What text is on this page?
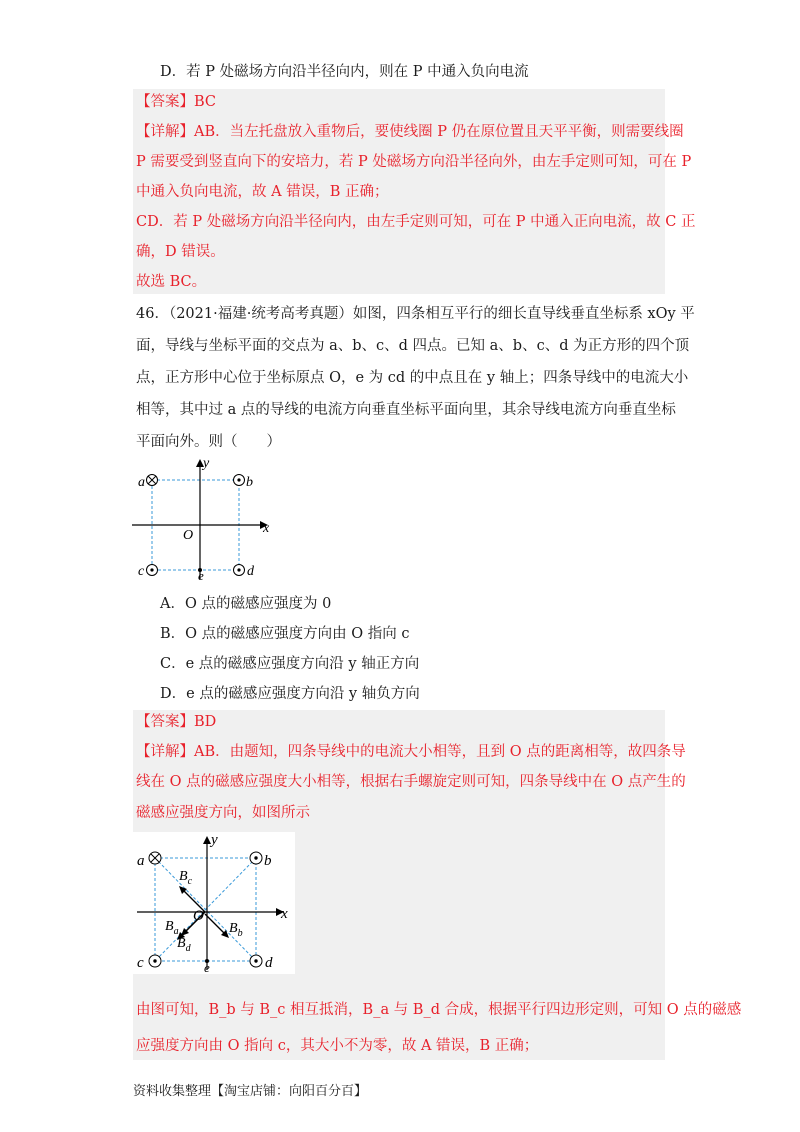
D．若 P 处磁场方向沿半径向内，则在 P 中通入负向电流
【答案】BC
【详解】AB．当左托盘放入重物后，要使线圈 P 仍在原位置且天平平衡，则需要线圈
P 需要受到竖直向下的安培力，若 P 处磁场方向沿半径向外，由左手定则可知，可在 P
中通入负向电流，故 A 错误，B 正确；
CD．若 P 处磁场方向沿半径向内，由左手定则可知，可在 P 中通入正向电流，故 C 正
确，D 错误。
故选 BC。
46．（2021·福建·统考高考真题）如图，四条相互平行的细长直导线垂直坐标系 xOy 平
面，导线与坐标平面的交点为 a、b、c、d 四点。已知 a、b、c、d 为正方形的四个顶
点，正方形中心位于坐标原点 O，e 为 cd 的中点且在 y 轴上；四条导线中的电流大小
相等，其中过 a 点的导线的电流方向垂直坐标平面向里，其余导线电流方向垂直坐标
平面向外。则（　　）
a	b
c	d
e
O	x
y
A．O 点的磁感应强度为 0
B．O 点的磁感应强度方向由 O 指向 c
C．e 点的磁感应强度方向沿 y 轴正方向
D．e 点的磁感应强度方向沿 y 轴负方向
【答案】BD
【详解】AB．由题知，四条导线中的电流大小相等，且到 O 点的距离相等，故四条导
线在 O 点的磁感应强度大小相等，根据右手螺旋定则可知，四条导线中在 O 点产生的
磁感应强度方向，如图所示
a	b
c	d
e
O	x
y
$B_c$
$B_a$
$B_d$
$B_b$
由图可知，B_b 与 B_c 相互抵消，B_a 与 B_d 合成，根据平行四边形定则，可知 O 点的磁感
应强度方向由 O 指向 c，其大小不为零，故 A 错误，B 正确；
资料收集整理【淘宝店铺：向阳百分百】
